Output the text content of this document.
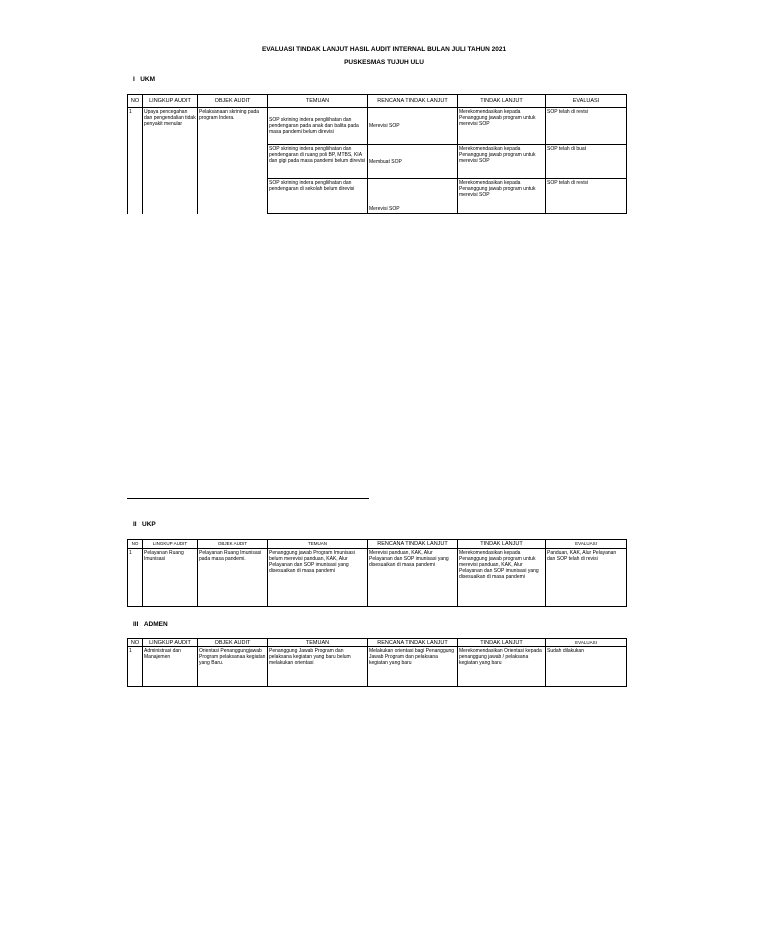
EVALUASI TINDAK LANJUT HASIL AUDIT INTERNAL BULAN JULI TAHUN 2021
PUSKESMAS TUJUH ULU
I UKM
NO	LINGKUP AUDIT	OBJEK AUDIT	TEMUAN	RENCANA TINDAK LANJUT	TINDAK LANJUT	EVALUASI
1	Upaya pencegahan dan pengendalian tidak penyakit menular	Pelaksanaan skrining pada program Indera.	SOP skrining indera pengliihatan dan pendengaran pada anak dan balita pada masa pandemi belum direvisi	Merevisi SOP	Merekomendasikan kepada Penanggung jawab program untuk merevisi SOP	SOP telah di revisi
			SOP skrining indera pengliihatan dan pendengaran di ruang poli BP, MTBS, KIA dan gigi pada masa pandemi belum direvisi	Membuat SOP	Merekomendasikan kepada Penanggung jawab program untuk merevisi SOP	SOP telah di buat
			SOP skrining indera pengliihatan dan pendengaran di sekolah belum direvisi	Merevisi SOP	Merekomendasikan kepada Penanggung jawab program untuk merevisi SOP	SOP telah di revisi
II UKP
NO	LINGKUP AUDIT	OBJEK AUDIT	TEMUAN	RENCANA TINDAK LANJUT	TINDAK LANJUT	EVALUASI
1	Pelayanan Ruang Imunisasi	Pelayanan Ruang Imunisasi pada masa pandemi.	Penanggung jawab Program Imunisasi belum merevisi panduan, KAK, Alur Pelayanan dan SOP imunisasi yang disesuaikan di masa pandemi	Merevisi panduan, KAK, Alur Pelayanan dan SOP imunisasi yang disesuaikan di masa pandemi	Merekomendasikan kepada Penanggung jawab program untuk merevisi panduan, KAK, Alur Pelayanan dan SOP imunisasi yang disesuaikan di masa pandemi	Panduan, KAK, Alur Pelayanan dan SOP telah di revisi
III ADMEN
NO	LINGKUP AUDIT	OBJEK AUDIT	TEMUAN	RENCANA TINDAK LANJUT	TINDAK LANJUT	EVALUASI
1	Administrasi dan Manajemen	Orientasi Penanggungjawab Program pelaksanaa kegiatan yang Baru.	Penanggung Jawab Program dan pelaksana kegiatan yang baru belum melakukan orientasi	Melakukan orientasi bagi Penanggung Jawab Program dan pelaksana kegiatan yang baru	Merekomendasikan Orientasi kepada penanggung jawab / pelaksana kegiatan yang baru	Sudah dilakukan
